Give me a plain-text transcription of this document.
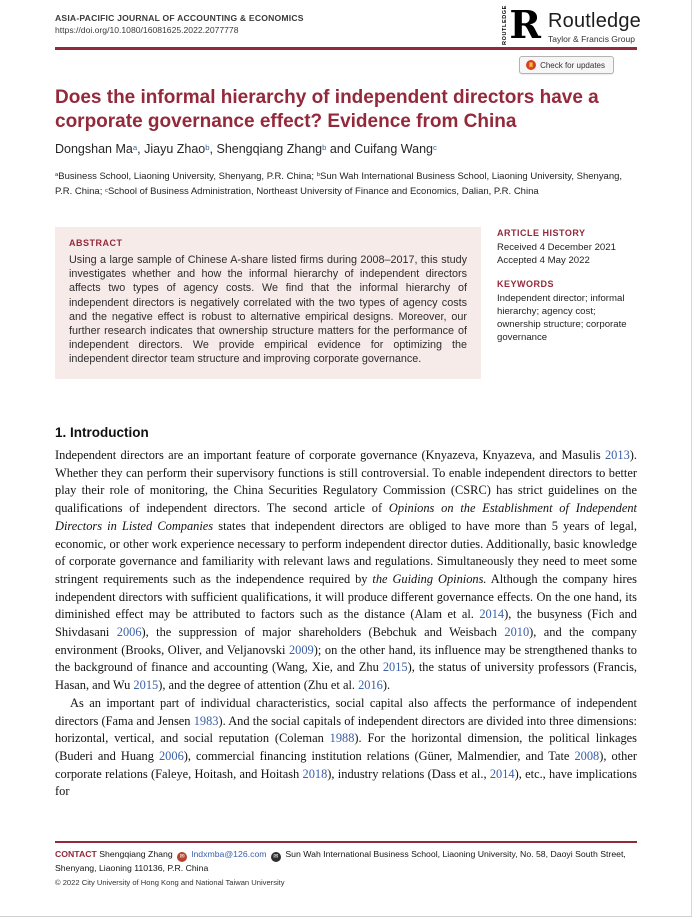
ASIA-PACIFIC JOURNAL OF ACCOUNTING & ECONOMICS
https://doi.org/10.1080/16081625.2022.2077778	ROUTLEDGE R Routledge
Taylor & Francis Group
Check for updates
Does the informal hierarchy of independent directors have a corporate governance effect? Evidence from China
Dongshan Ma$^a$, Jiayu Zhao$^b$, Shengqiang Zhang$^b$ and Cuifang Wang$^c$
$^a$Business School, Liaoning University, Shenyang, P.R. China; $^b$Sun Wah International Business School, Liaoning University, Shenyang, P.R. China; $^c$School of Business Administration, Northeast University of Finance and Economics, Dalian, P.R. China
ABSTRACT
Using a large sample of Chinese A-share listed firms during 2008–2017, this study investigates whether and how the informal hierarchy of independent directors affects two types of agency costs. We find that the informal hierarchy of independent directors is negatively correlated with the two types of agency costs and the negative effect is robust to alternative empirical designs. Moreover, our further research indicates that ownership structure matters for the performance of independent directors. We provide empirical evidence for optimizing the independent director team structure and improving corporate governance.
ARTICLE HISTORY
Received 4 December 2021
Accepted 4 May 2022
KEYWORDS
Independent director; informal hierarchy; agency cost; ownership structure; corporate governance
1. Introduction

Independent directors are an important feature of corporate governance (Knyazeva, Knyazeva, and Masulis 2013). Whether they can perform their supervisory functions is still controversial. To enable independent directors to better play their role of monitoring, the China Securities Regulatory Commission (CSRC) has strict guidelines on the qualifications of independent directors. The second article of Opinions on the Establishment of Independent Directors in Listed Companies states that independent directors are obliged to have more than 5 years of legal, economic, or other work experience necessary to perform independent director duties. Additionally, basic knowledge of corporate governance and familiarity with relevant laws and regulations. Simultaneously they need to meet some stringent requirements such as the independence required by the Guiding Opinions. Although the company hires independent directors with sufficient qualifications, it will produce different governance effects. On the one hand, its diminished effect may be attributed to factors such as the distance (Alam et al. 2014), the busyness (Fich and Shivdasani 2006), the suppression of major shareholders (Bebchuk and Weisbach 2010), and the company environment (Brooks, Oliver, and Veljanovski 2009); on the other hand, its influence may be strengthened thanks to the background of finance and accounting (Wang, Xie, and Zhu 2015), the status of university professors (Francis, Hasan, and Wu 2015), and the degree of attention (Zhu et al. 2016).

As an important part of individual characteristics, social capital also affects the performance of independent directors (Fama and Jensen 1983). And the social capitals of independent directors are divided into three dimensions: horizontal, vertical, and social reputation (Coleman 1988). For the horizontal dimension, the political linkages (Buderi and Huang 2006), commercial financing institution relations (Güner, Malmendier, and Tate 2008), other corporate relations (Faleye, Hoitash, and Hoitash 2018), industry relations (Dass et al., 2014), etc., have implications for

CONTACT Shengqiang Zhang ✉ lndxmba@126.com ✉ Sun Wah International Business School, Liaoning University, No. 58, Daoyi South Street, Shenyang, Liaoning 110136, P.R. China
© 2022 City University of Hong Kong and National Taiwan University
